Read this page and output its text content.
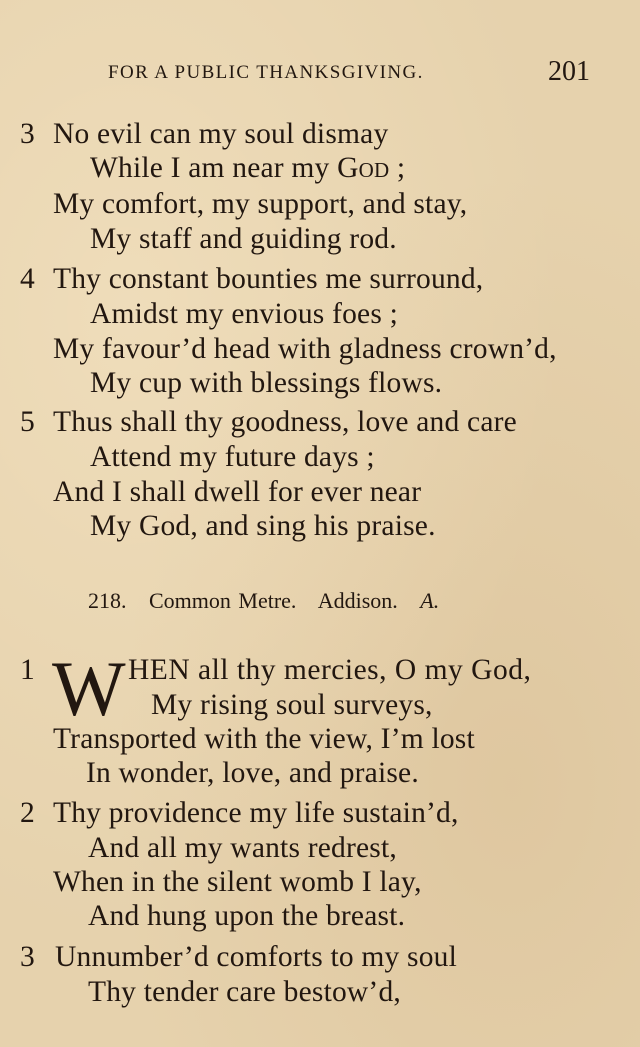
FOR A PUBLIC THANKSGIVING.	201
3 No evil can my soul dismay
While I am near my God ;
My comfort, my support, and stay,
My staff and guiding rod.
4 Thy constant bounties me surround,
Amidst my envious foes ;
My favour’d head with gladness crown’d,
My cup with blessings flows.
5 Thus shall thy goodness, love and care
Attend my future days ;
And I shall dwell for ever near
My God, and sing his praise.
218. Common Metre. Addison. A.
1 W HEN all thy mercies, O my God,
My rising soul surveys,
Transported with the view, I’m lost
In wonder, love, and praise.
2 Thy providence my life sustain’d,
And all my wants redrest,
When in the silent womb I lay,
And hung upon the breast.
3 Unnumber’d comforts to my soul
Thy tender care bestow’d,
